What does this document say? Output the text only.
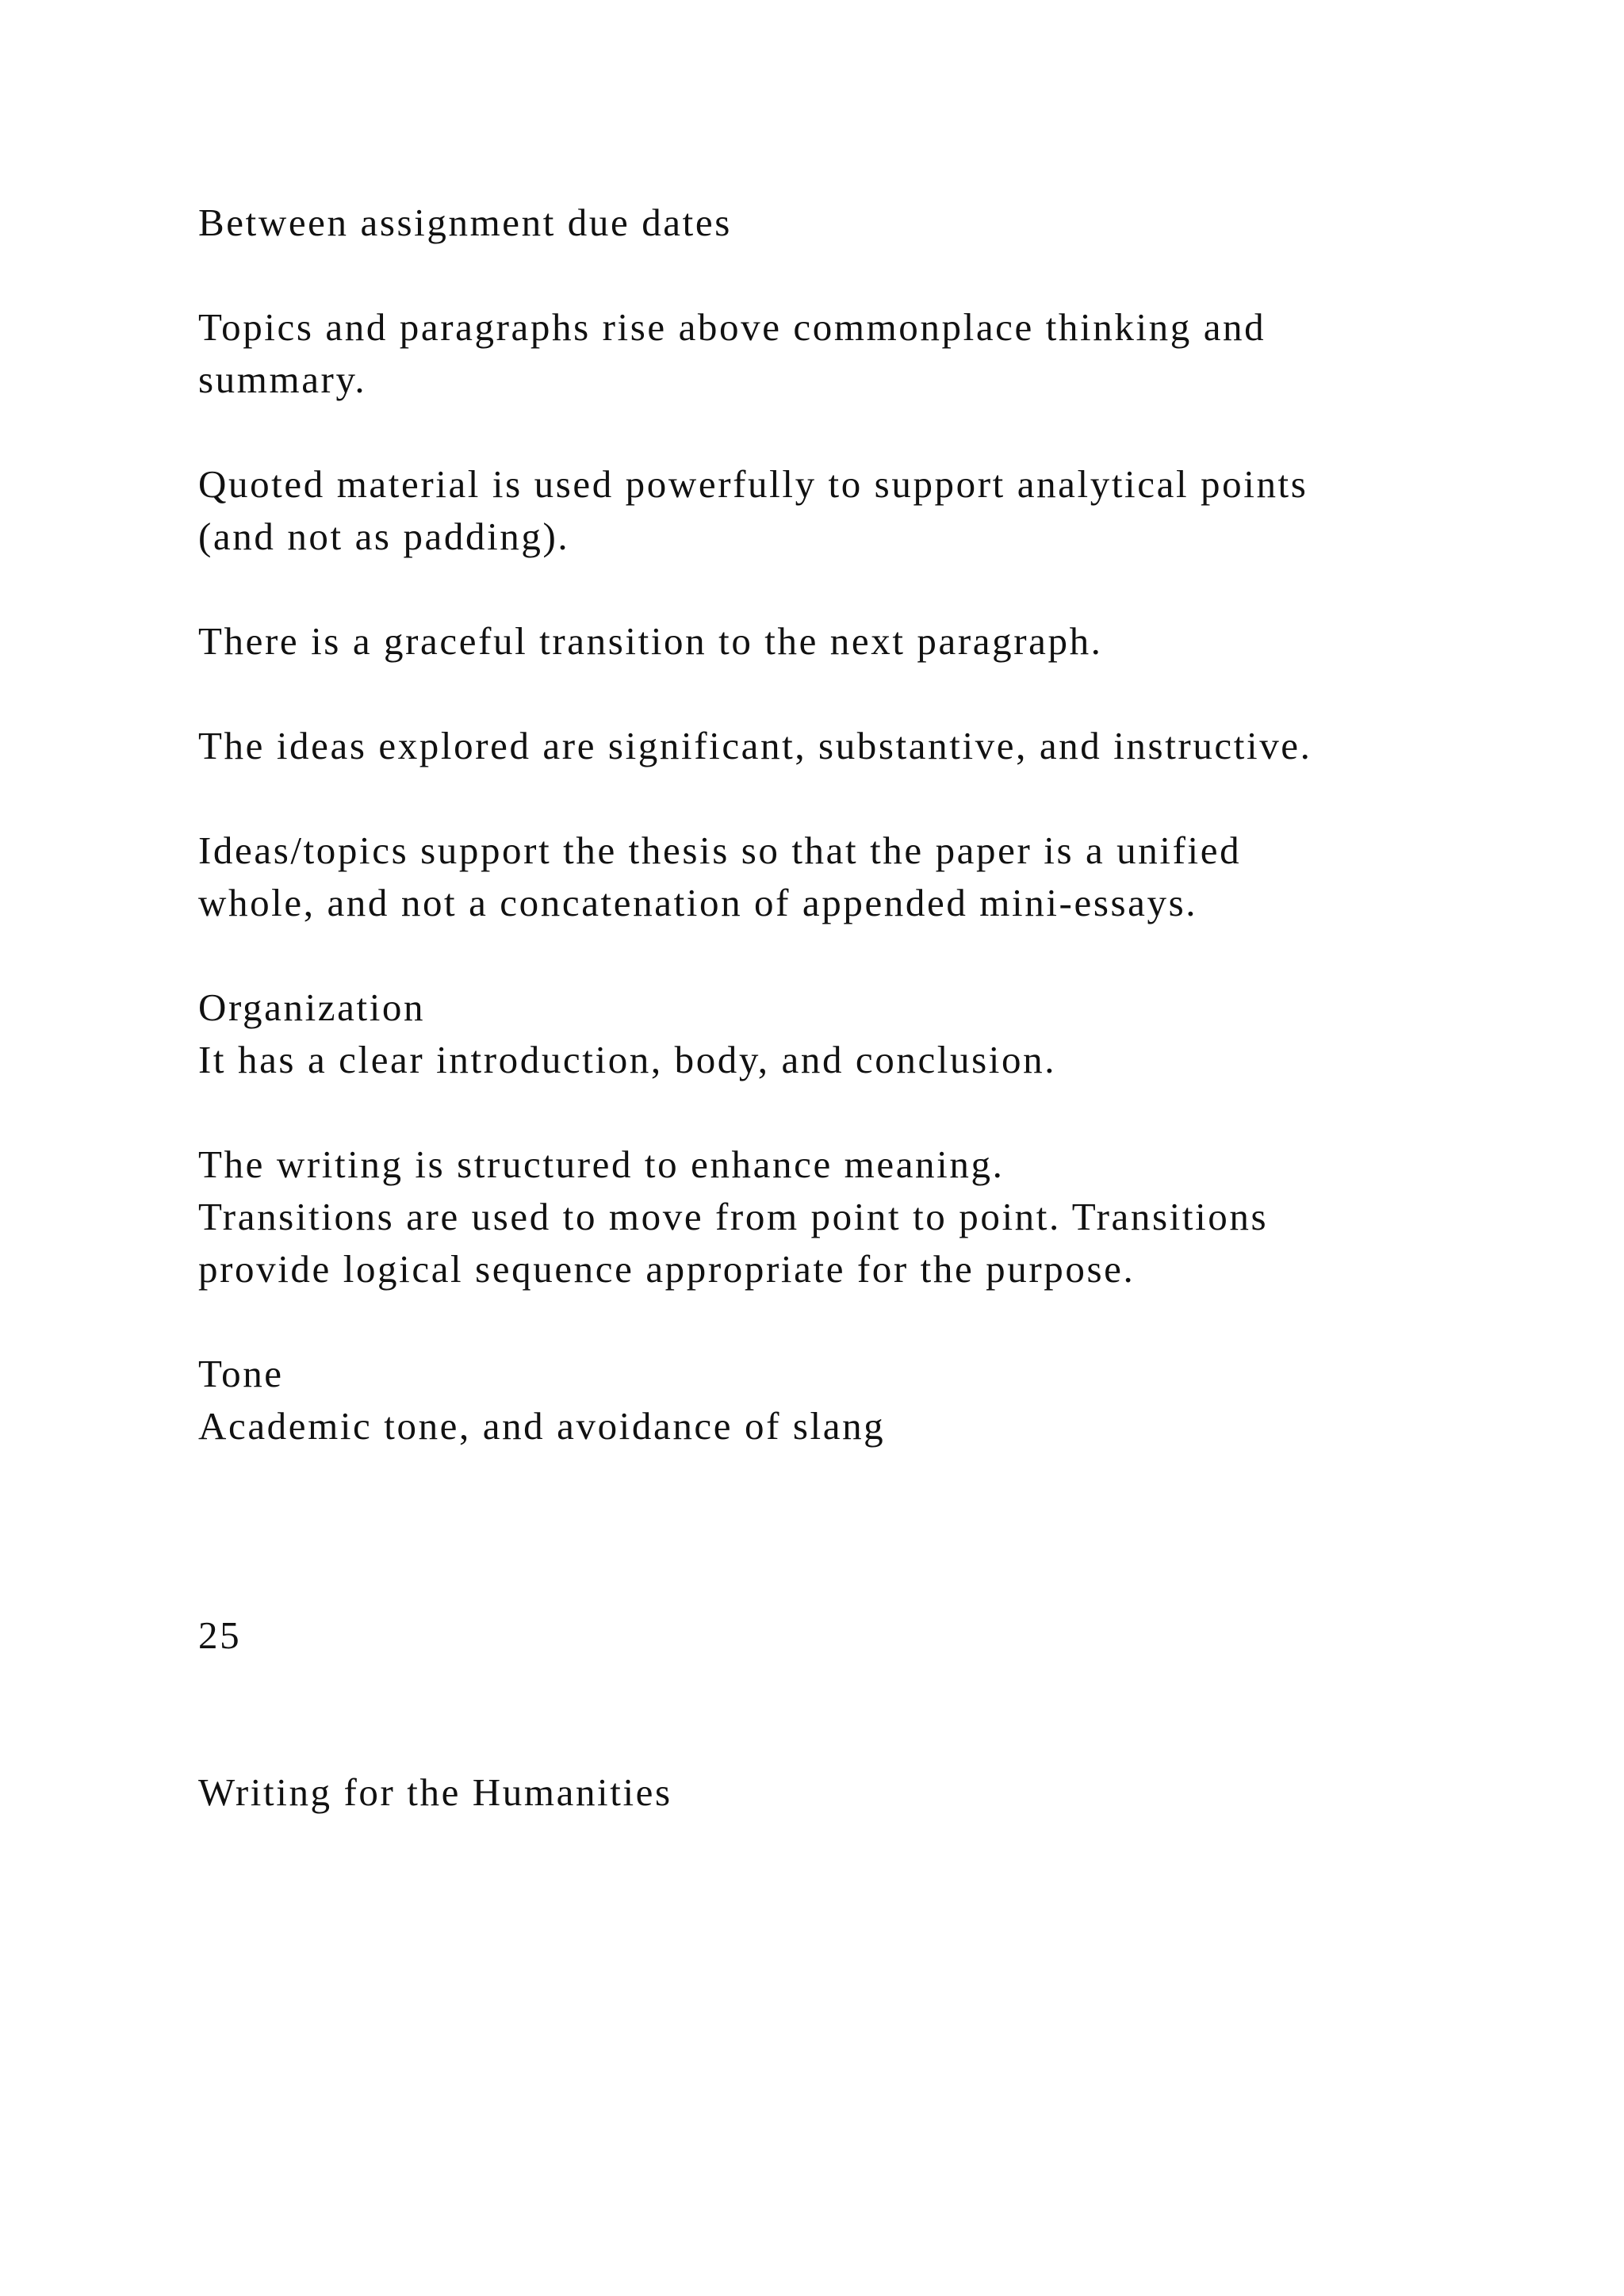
Between assignment due dates

Topics and paragraphs rise above commonplace thinking and

summary.

Quoted material is used powerfully to support analytical points

(and not as padding).

There is a graceful transition to the next paragraph.

The ideas explored are significant, substantive, and instructive.

Ideas/topics support the thesis so that the paper is a unified

whole, and not a concatenation of appended mini-essays.

Organization

It has a clear introduction, body, and conclusion.

The writing is structured to enhance meaning.

Transitions are used to move from point to point. Transitions

provide logical sequence appropriate for the purpose.

Tone

Academic tone, and avoidance of slang

25

Writing for the Humanities
